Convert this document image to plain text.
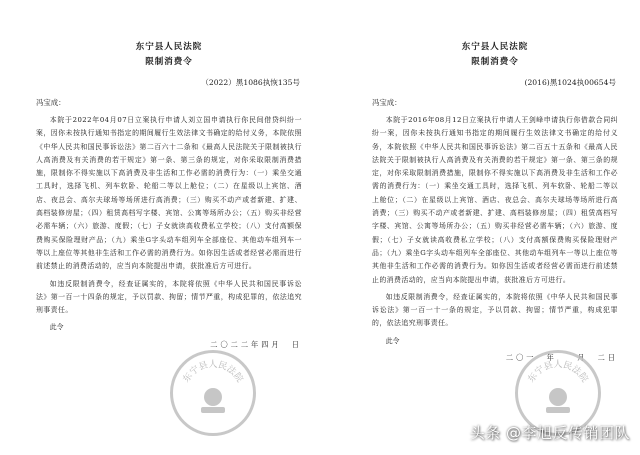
东宁县人民法院
限制消费令
（2022）黑1086执恢135号
冯宝成：

本院于2022年04月07日立案执行申请人刘立国申请执行你民间借贷纠纷一案，因你未按执行通知书指定的期间履行生效法律文书确定的给付义务，本院依照《中华人民共和国民事诉讼法》第二百六十二条和《最高人民法院关于限制被执行人高消费及有关消费的若干规定》第一条、第三条的规定，对你采取限制消费措施，限制你不得实施以下高消费及非生活和工作必需的消费行为：（一）乘坐交通工具时，选择飞机、列车软卧、轮船二等以上舱位；（二）在星级以上宾馆、酒店、夜总会、高尔夫球场等场所进行高消费；（三）购买不动产或者新建、扩建、高档装修房屋；（四）租赁高档写字楼、宾馆、公寓等场所办公；（五）购买非经营必需车辆；（六）旅游、度假；（七）子女就读高收费私立学校；（八）支付高额保费购买保险理财产品；（九）乘坐G字头动车组列车全部座位、其他动车组列车一等以上座位等其他非生活和工作必需的消费行为。如你因生活或者经营必需而进行前述禁止的消费活动的，应当向本院提出申请，获批准后方可进行。

如违反限制消费令，经查证属实的，本院将依照《中华人民共和国民事诉讼法》第一百一十四条的规定，予以罚款、拘留；情节严重，构成犯罪的，依法追究刑事责任。

此令
二〇二二年四月　日
东宁县人民法院
限制消费令
(2016)黑1024执00654号
冯宝成：

本院于2016年08月12日立案执行申请人王剑峰申请执行你借款合同纠纷一案，因你未按执行通知书指定的期间履行生效法律文书确定的给付义务，本院依照《中华人民共和国民事诉讼法》第二百五十五条和《最高人民法院关于限制被执行人高消费及有关消费的若干规定》第一条、第三条的规定，对你采取限制消费措施，限制你不得实施以下高消费及非生活和工作必需的消费行为：（一）乘坐交通工具时，选择飞机、列车软卧、轮船二等以上舱位；（二）在星级以上宾馆、酒店、夜总会、高尔夫球场等场所进行高消费；（三）购买不动产或者新建、扩建、高档装修房屋；（四）租赁高档写字楼、宾馆、公寓等场所办公；（五）购买非经营必需车辆；（六）旅游、度假；（七）子女就读高收费私立学校；（八）支付高额保费购买保险理财产品；（九）乘坐G字头动车组列车全部座位、其他动车组列车一等以上座位等其他非生活和工作必需的消费行为。如你因生活或者经营必需而进行前述禁止的消费活动的，应当向本院提出申请，获批准后方可进行。

如违反限制消费令，经查证属实的，本院将依照《中华人民共和国民事诉讼法》第一百一十一条的规定，予以罚款、拘留；情节严重，构成犯罪的，依法追究刑事责任。

此令
二〇一　年　　月　二日
东宁县人民法院	东宁县人民法院
头条 @李旭反传销团队
